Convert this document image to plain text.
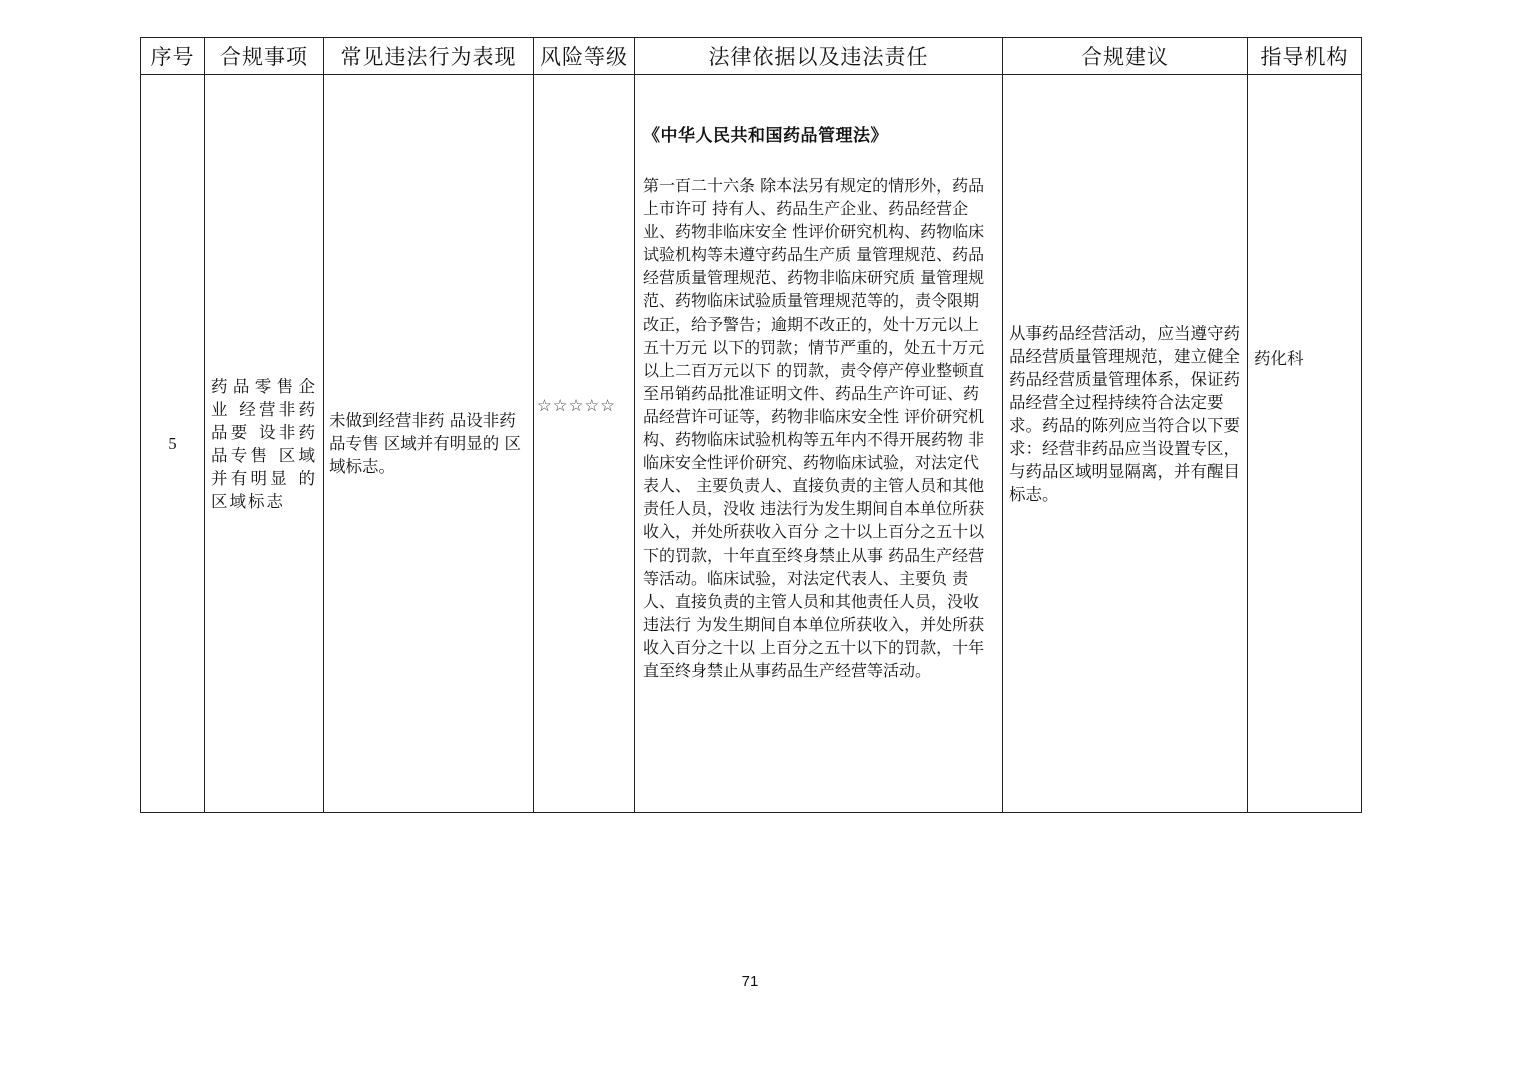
序号	合规事项	常见违法行为表现	风险等级	法律依据以及违法责任	合规建议	指导机构
5	药品零售企业 经营非药品要 设非药品专售 区域并有明显 的区域标志	未做到经营非药 品设非药品专售 区域并有明显的 区域标志。	☆☆☆☆☆	《中华人民共和国药品管理法》
第一百二十六条 除本法另有规定的情形外，药品上市许可 持有人、药品生产企业、药品经营企业、药物非临床安全 性评价研究机构、药物临床试验机构等未遵守药品生产质 量管理规范、药品经营质量管理规范、药物非临床研究质 量管理规范、药物临床试验质量管理规范等的，责令限期 改正，给予警告；逾期不改正的，处十万元以上五十万元 以下的罚款；情节严重的，处五十万元以上二百万元以下 的罚款，责令停产停业整顿直至吊销药品批准证明文件、药品生产许可证、药品经营许可证等，药物非临床安全性 评价研究机构、药物临床试验机构等五年内不得开展药物 非临床安全性评价研究、药物临床试验，对法定代表人、 主要负责人、直接负责的主管人员和其他责任人员，没收 违法行为发生期间自本单位所获收入，并处所获收入百分 之十以上百分之五十以下的罚款，十年直至终身禁止从事 药品生产经营等活动。临床试验，对法定代表人、主要负 责人、直接负责的主管人员和其他责任人员，没收违法行 为发生期间自本单位所获收入，并处所获收入百分之十以 上百分之五十以下的罚款，十年直至终身禁止从事药品生产经营等活动。	从事药品经营活动，应当遵守药品经营质量管理规范，建立健全药品经营质量管理体系，保证药品经营全过程持续符合法定要求。药品的陈列应当符合以下要求：经营非药品应当设置专区，与药品区域明显隔离，并有醒目标志。	药化科
71
